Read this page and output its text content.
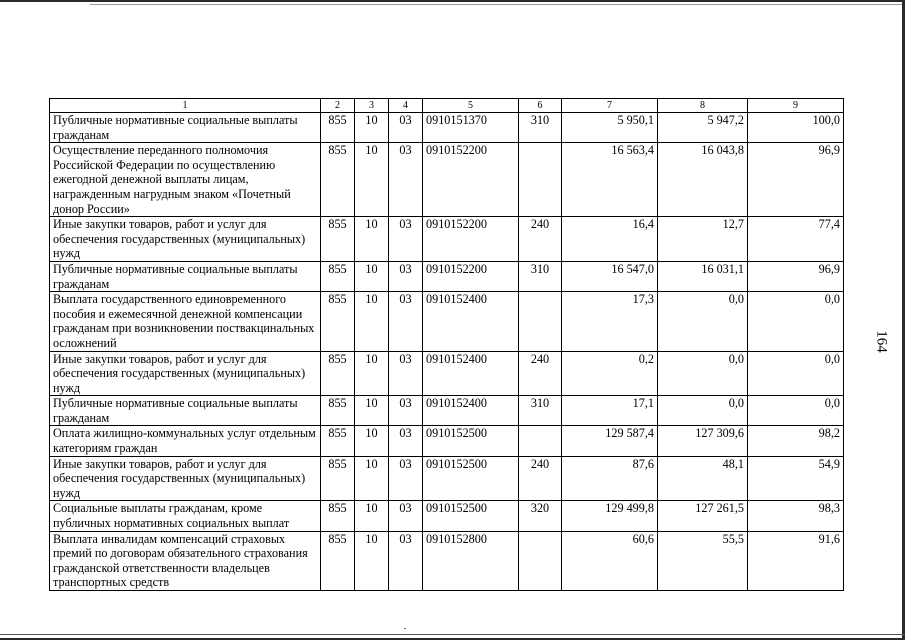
1	2	3	4	5	6	7	8	9
Публичные нормативные социальные выплаты гражданам	855	10	03	0910151370	310	5 950,1	5 947,2	100,0
Осуществление переданного полномочия Российской Федерации по осуществлению ежегодной денежной выплаты лицам, награжденным нагрудным знаком «Почетный донор России»	855	10	03	0910152200		16 563,4	16 043,8	96,9
Иные закупки товаров, работ и услуг для обеспечения государственных (муниципальных) нужд	855	10	03	0910152200	240	16,4	12,7	77,4
Публичные нормативные социальные выплаты гражданам	855	10	03	0910152200	310	16 547,0	16 031,1	96,9
Выплата государственного единовременного пособия и ежемесячной денежной компенсации гражданам при возникновении поствакцинальных осложнений	855	10	03	0910152400		17,3	0,0	0,0
Иные закупки товаров, работ и услуг для обеспечения государственных (муниципальных) нужд	855	10	03	0910152400	240	0,2	0,0	0,0
Публичные нормативные социальные выплаты гражданам	855	10	03	0910152400	310	17,1	0,0	0,0
Оплата жилищно-коммунальных услуг отдельным категориям граждан	855	10	03	0910152500		129 587,4	127 309,6	98,2
Иные закупки товаров, работ и услуг для обеспечения государственных (муниципальных) нужд	855	10	03	0910152500	240	87,6	48,1	54,9
Социальные выплаты гражданам, кроме публичных нормативных социальных выплат	855	10	03	0910152500	320	129 499,8	127 261,5	98,3
Выплата инвалидам компенсаций страховых премий по договорам обязательного страхования гражданской ответственности владельцев транспортных средств	855	10	03	0910152800		60,6	55,5	91,6
164
